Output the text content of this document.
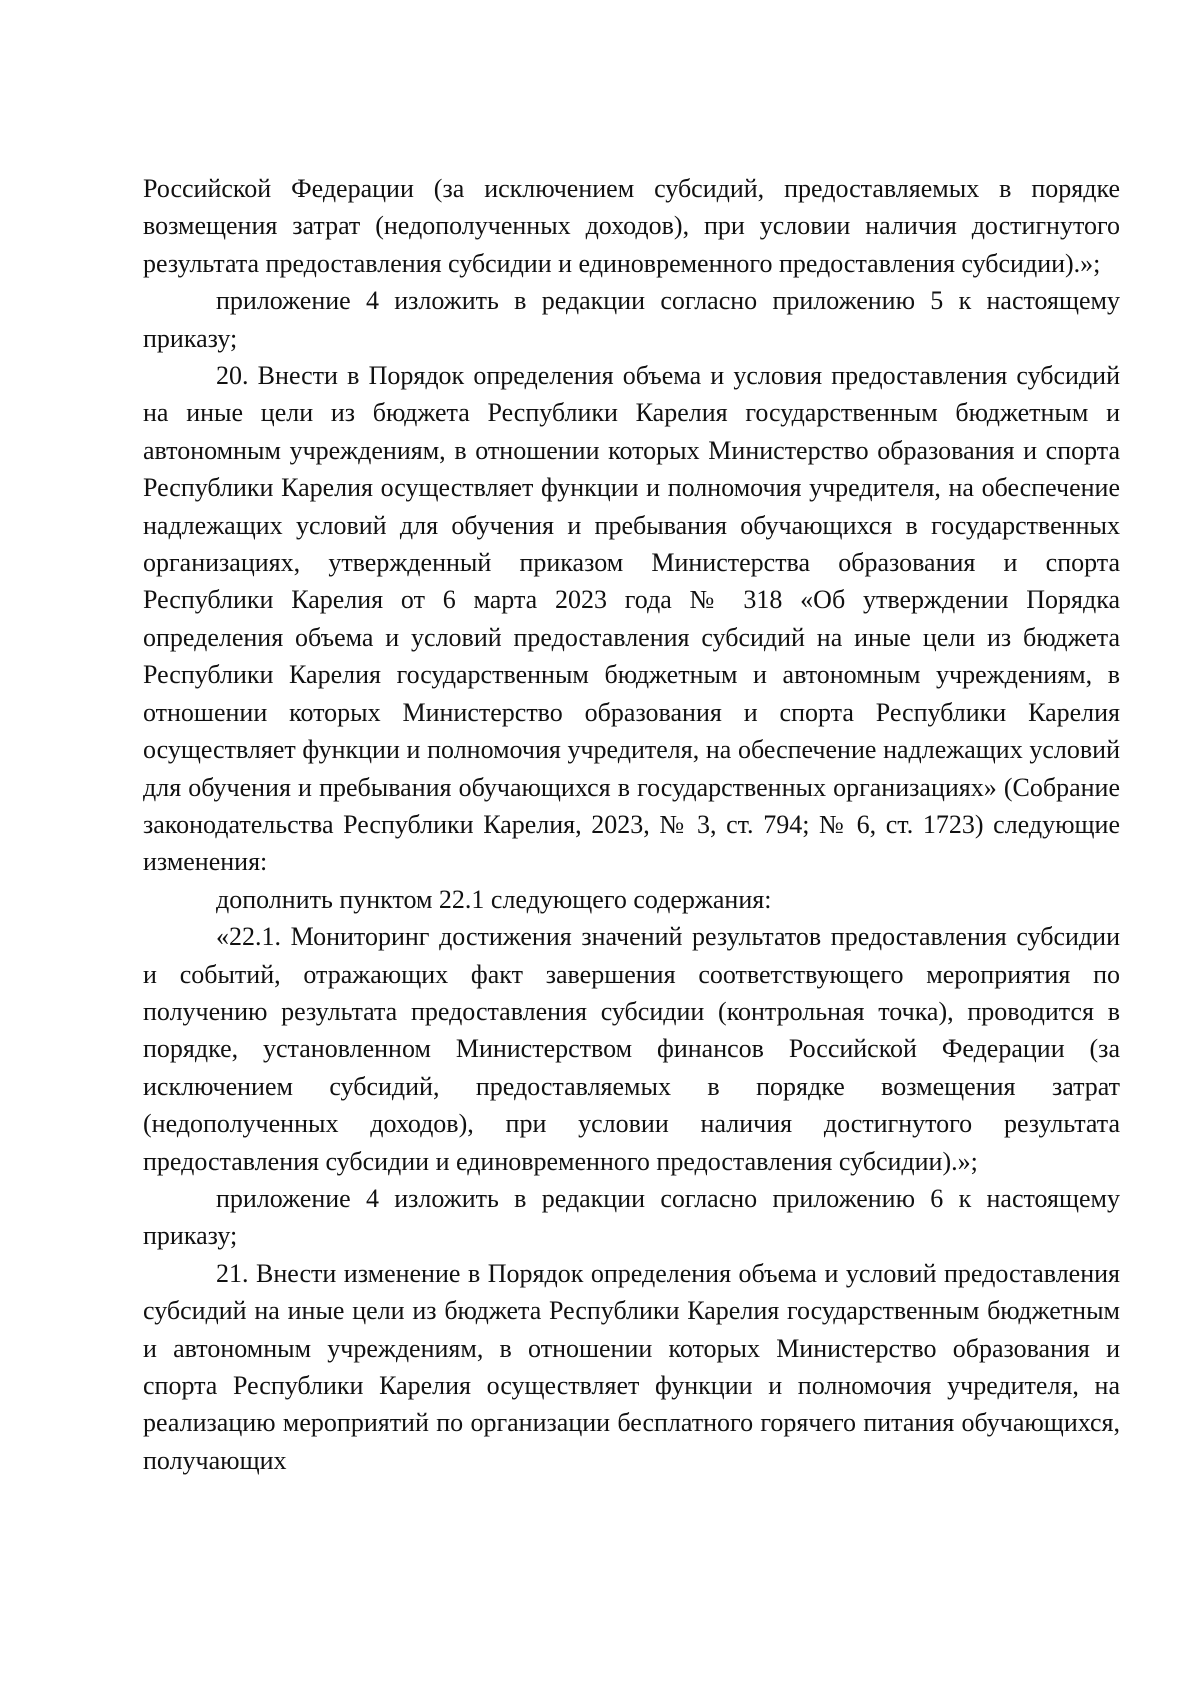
Российской Федерации (за исключением субсидий, предоставляемых в порядке возмещения затрат (недополученных доходов), при условии наличия достигнутого результата предоставления субсидии и единовременного предоставления субсидии).»;

приложение 4 изложить в редакции согласно приложению 5 к настоящему приказу;

20. Внести в Порядок определения объема и условия предоставления субсидий на иные цели из бюджета Республики Карелия государственным бюджетным и автономным учреждениям, в отношении которых Министерство образования и спорта Республики Карелия осуществляет функции и полномочия учредителя, на обеспечение надлежащих условий для обучения и пребывания обучающихся в государственных организациях, утвержденный приказом Министерства образования и спорта Республики Карелия от 6 марта 2023 года № 318 «Об утверждении Порядка определения объема и условий предоставления субсидий на иные цели из бюджета Республики Карелия государственным бюджетным и автономным учреждениям, в отношении которых Министерство образования и спорта Республики Карелия осуществляет функции и полномочия учредителя, на обеспечение надлежащих условий для обучения и пребывания обучающихся в государственных организациях» (Собрание законодательства Республики Карелия, 2023, № 3, ст. 794; № 6, ст. 1723) следующие изменения:

дополнить пунктом 22.1 следующего содержания:

«22.1. Мониторинг достижения значений результатов предоставления субсидии и событий, отражающих факт завершения соответствующего мероприятия по получению результата предоставления субсидии (контрольная точка), проводится в порядке, установленном Министерством финансов Российской Федерации (за исключением субсидий, предоставляемых в порядке возмещения затрат (недополученных доходов), при условии наличия достигнутого результата предоставления субсидии и единовременного предоставления субсидии).»;

приложение 4 изложить в редакции согласно приложению 6 к настоящему приказу;

21. Внести изменение в Порядок определения объема и условий предоставления субсидий на иные цели из бюджета Республики Карелия государственным бюджетным и автономным учреждениям, в отношении которых Министерство образования и спорта Республики Карелия осуществляет функции и полномочия учредителя, на реализацию мероприятий по организации бесплатного горячего питания обучающихся, получающих
